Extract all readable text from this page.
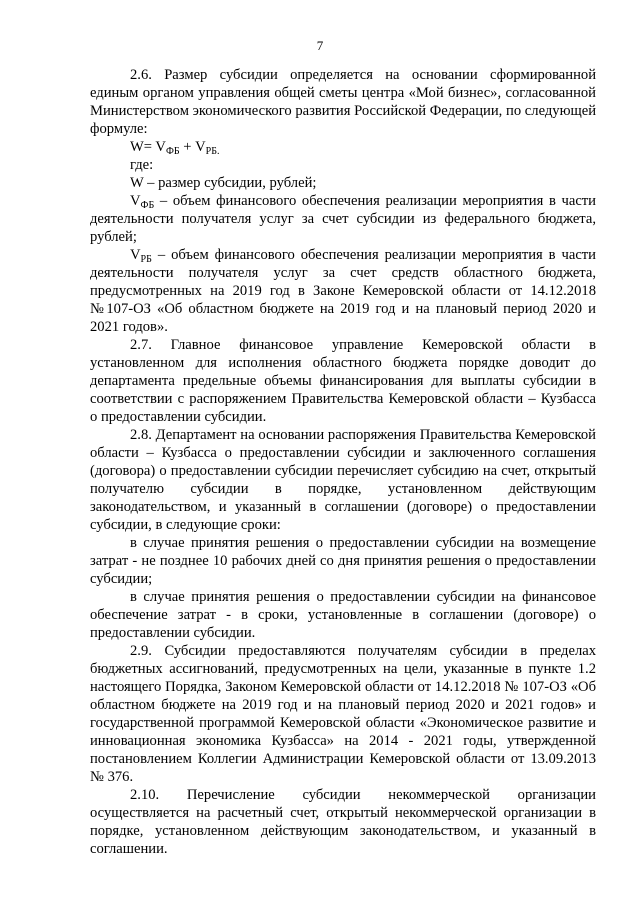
7

2.6. Размер субсидии определяется на основании сформированной единым органом управления общей сметы центра «Мой бизнес», согласованной Министерством экономического развития Российской Федерации, по следующей формуле:

$W= V_{ФБ} + V_{РБ.}$

где:

W – размер субсидии, рублей;

$V_{ФБ}$ – объем финансового обеспечения реализации мероприятия в части деятельности получателя услуг за счет субсидии из федерального бюджета, рублей;

$V_{РБ}$ – объем финансового обеспечения реализации мероприятия в части деятельности получателя услуг за счет средств областного бюджета, предусмотренных на 2019 год в Законе Кемеровской области от 14.12.2018 №107-ОЗ «Об областном бюджете на 2019 год и на плановый период 2020 и 2021 годов».

2.7. Главное финансовое управление Кемеровской области в установленном для исполнения областного бюджета порядке доводит до департамента предельные объемы финансирования для выплаты субсидии в соответствии с распоряжением Правительства Кемеровской области – Кузбасса о предоставлении субсидии.

2.8. Департамент на основании распоряжения Правительства Кемеровской области – Кузбасса о предоставлении субсидии и заключенного соглашения (договора) о предоставлении субсидии перечисляет субсидию на счет, открытый получателю субсидии в порядке, установленном действующим законодательством, и указанный в соглашении (договоре) о предоставлении субсидии, в следующие сроки:

в случае принятия решения о предоставлении субсидии на возмещение затрат - не позднее 10 рабочих дней со дня принятия решения о предоставлении субсидии;

в случае принятия решения о предоставлении субсидии на финансовое обеспечение затрат - в сроки, установленные в соглашении (договоре) о предоставлении субсидии.

2.9. Субсидии предоставляются получателям субсидии в пределах бюджетных ассигнований, предусмотренных на цели, указанные в пункте 1.2 настоящего Порядка, Законом Кемеровской области от 14.12.2018 № 107-ОЗ «Об областном бюджете на 2019 год и на плановый период 2020 и 2021 годов» и государственной программой Кемеровской области «Экономическое развитие и инновационная экономика Кузбасса» на 2014 - 2021 годы, утвержденной постановлением Коллегии Администрации Кемеровской области от 13.09.2013 № 376.

2.10. Перечисление субсидии некоммерческой организации осуществляется на расчетный счет, открытый некоммерческой организации в порядке, установленном действующим законодательством, и указанный в соглашении.
